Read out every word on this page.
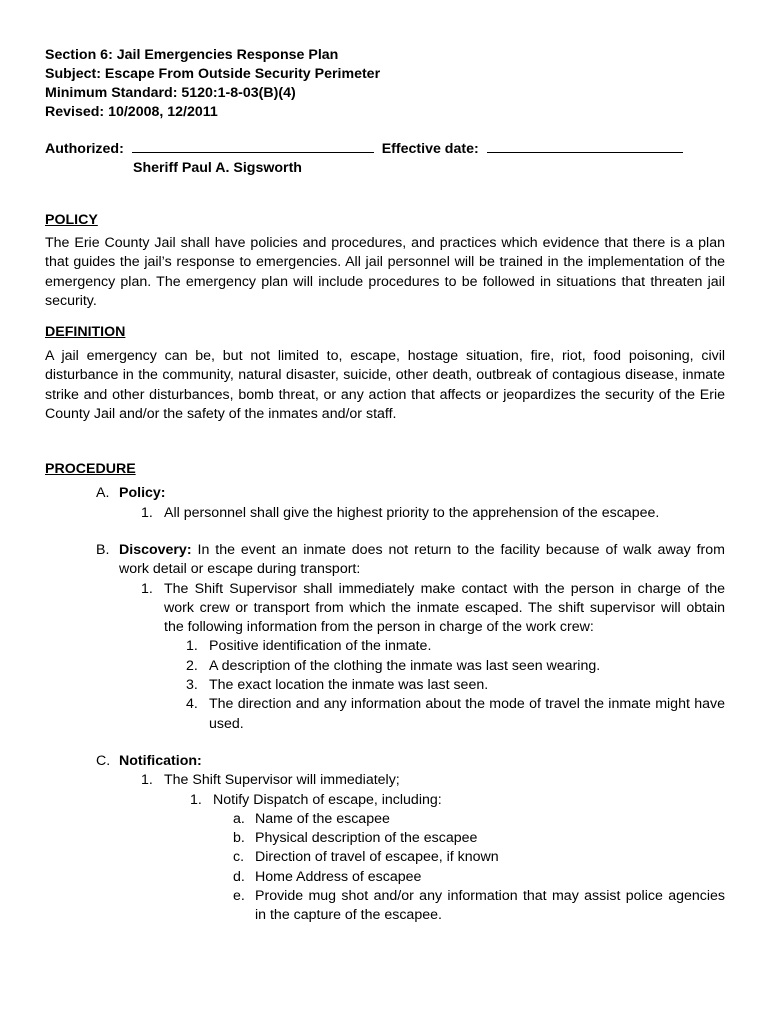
Section 6: Jail Emergencies Response Plan

Subject: Escape From Outside Security Perimeter

Minimum Standard: 5120:1-8-03(B)(4)

Revised: 10/2008, 12/2011

Authorized:	Effective date:
Sheriff Paul A. Sigsworth

POLICY

The Erie County Jail shall have policies and procedures, and practices which evidence that there is a plan that guides the jail’s response to emergencies. All jail personnel will be trained in the implementation of the emergency plan. The emergency plan will include procedures to be followed in situations that threaten jail security.

DEFINITION

A jail emergency can be, but not limited to, escape, hostage situation, fire, riot, food poisoning, civil disturbance in the community, natural disaster, suicide, other death, outbreak of contagious disease, inmate strike and other disturbances, bomb threat, or any action that affects or jeopardizes the security of the Erie County Jail and/or the safety of the inmates and/or staff.

PROCEDURE

A. Policy:
1. All personnel shall give the highest priority to the apprehension of the escapee.
B. Discovery: In the event an inmate does not return to the facility because of walk away from work detail or escape during transport:
1. The Shift Supervisor shall immediately make contact with the person in charge of the work crew or transport from which the inmate escaped. The shift supervisor will obtain the following information from the person in charge of the work crew:
1. Positive identification of the inmate.
2. A description of the clothing the inmate was last seen wearing.
3. The exact location the inmate was last seen.
4. The direction and any information about the mode of travel the inmate might have used.
C. Notification:
1. The Shift Supervisor will immediately;
1. Notify Dispatch of escape, including:
a. Name of the escapee
b. Physical description of the escapee
c. Direction of travel of escapee, if known
d. Home Address of escapee
e. Provide mug shot and/or any information that may assist police agencies in the capture of the escapee.
